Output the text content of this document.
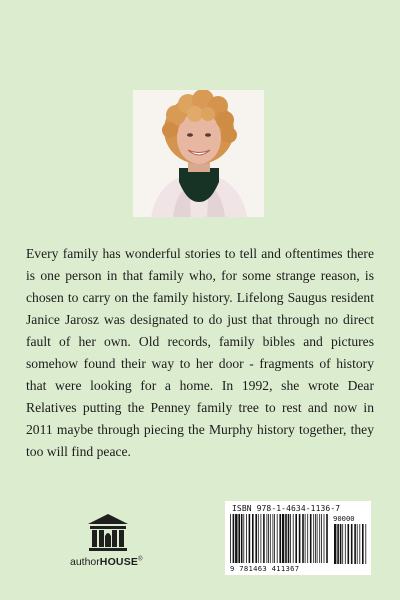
Every family has wonderful stories to tell and oftentimes there is one person in that family who, for some strange reason, is chosen to carry on the family history. Lifelong Saugus resident Janice Jarosz was designated to do just that through no direct fault of her own. Old records, family bibles and pictures somehow found their way to her door - fragments of history that were looking for a home. In 1992, she wrote Dear Relatives putting the Penney family tree to rest and now in 2011 maybe through piecing the Murphy history together, they too will find peace.

authorHOUSE®
ISBN 978-1-4634-1136-7
90000
9 781463 411367
